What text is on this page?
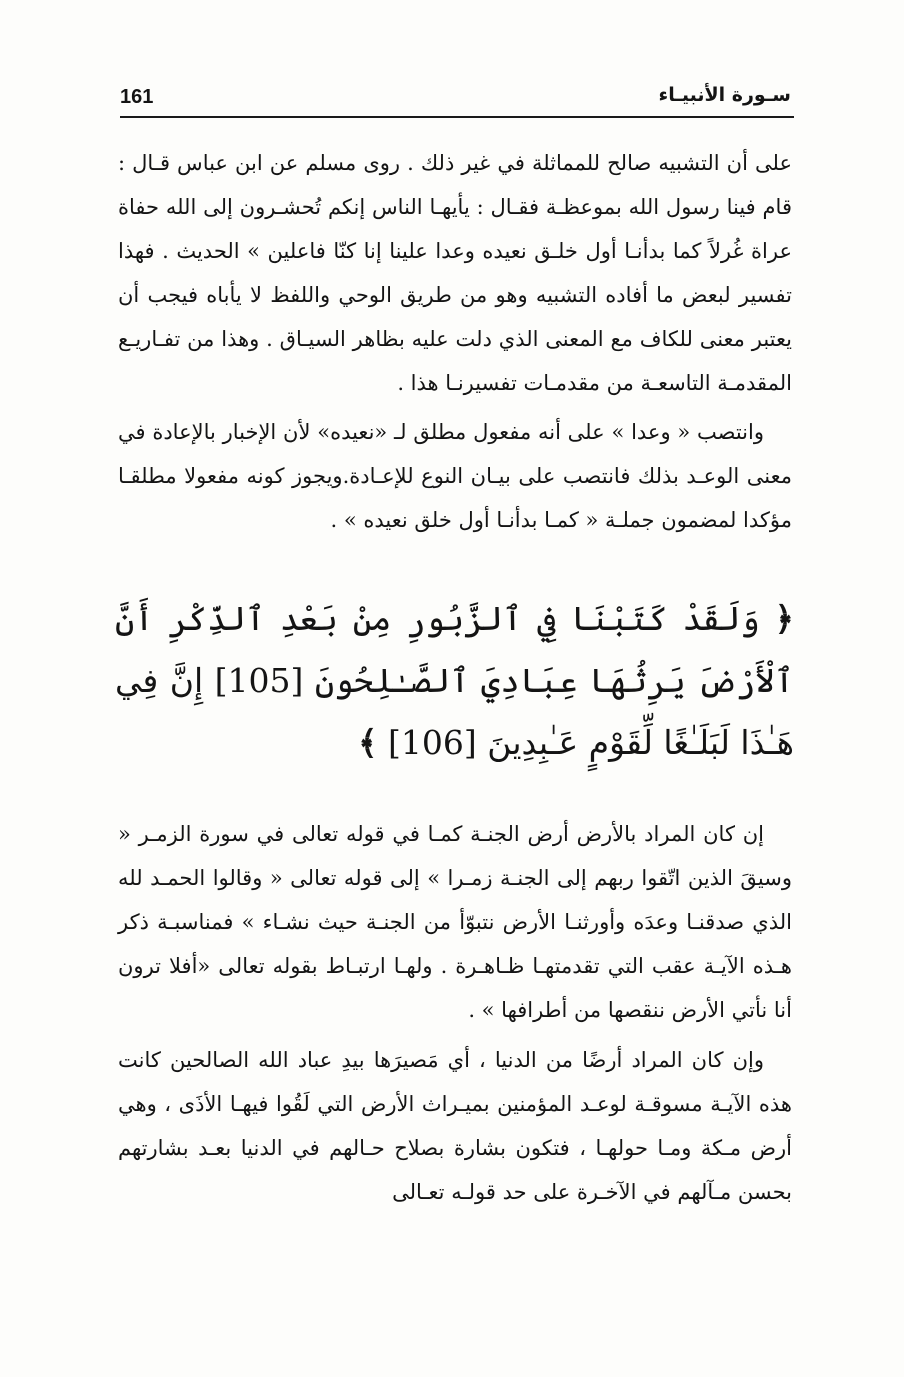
161	سـورة الأنبيـاء

على أن التشبيه صالح للمماثلة في غير ذلك . روى مسلم عن ابن عباس قـال : قام فينا رسول الله بموعظـة فقـال : يأيهـا الناس إنكم تُحشـرون إلى الله حفاة عراة غُرلاً كما بدأنـا أول خلـق نعيده وعدا علينا إنا كنّا فاعلين » الحديث . فهذا تفسير لبعض ما أفاده التشبيه وهو من طريق الوحي واللفظ لا يأباه فيجب أن يعتبر معنى للكاف مع المعنى الذي دلت عليه بظاهر السيـاق . وهذا من تفـاريـع المقدمـة التاسعـة من مقدمـات تفسيرنـا هذا .

وانتصب « وعدا » على أنه مفعول مطلق لـ «نعيده» لأن الإخبار بالإعادة في معنى الوعـد بذلك فانتصب على بيـان النوع للإعـادة.ويجوز كونه مفعولا مطلقـا مؤكدا لمضمون جملـة « كمـا بدأنـا أول خلق نعيده » .

﴿ وَلَقَدْ كَتَبْنَا فِي ٱلزَّبُورِ مِنْ بَعْدِ ٱلذِّكْرِ أَنَّ ٱلْأَرْضَ يَرِثُهَا عِبَادِيَ ٱلصَّـٰلِحُونَ [105] إِنَّ فِي هَـٰذَا لَبَلَـٰغًا لِّقَوْمٍ عَـٰبِدِينَ [106] ﴾

إن كان المراد بالأرض أرض الجنـة كمـا في قوله تعالى في سورة الزمـر « وسيقَ الذين اتّقوا ربهم إلى الجنـة زمـرا » إلى قوله تعالى « وقالوا الحمـد لله الذي صدقنـا وعدَه وأورثنـا الأرض نتبوّأ من الجنـة حيث نشـاء » فمناسبـة ذكر هـذه الآيـة عقب التي تقدمتهـا ظـاهـرة . ولهـا ارتبـاط بقوله تعالى «أفلا ترون أنا نأتي الأرض ننقصها من أطرافها » .

وإن كان المراد أرضًا من الدنيا ، أي مَصيرَها بيدِ عباد الله الصالحين كانت هذه الآيـة مسوقـة لوعـد المؤمنين بميـراث الأرض التي لَقُوا فيهـا الأذَى ، وهي أرض مـكة ومـا حولهـا ، فتكون بشارة بصلاح حـالهم في الدنيا بعـد بشارتهم بحسن مـآلهم في الآخـرة على حد قولـه تعـالى
